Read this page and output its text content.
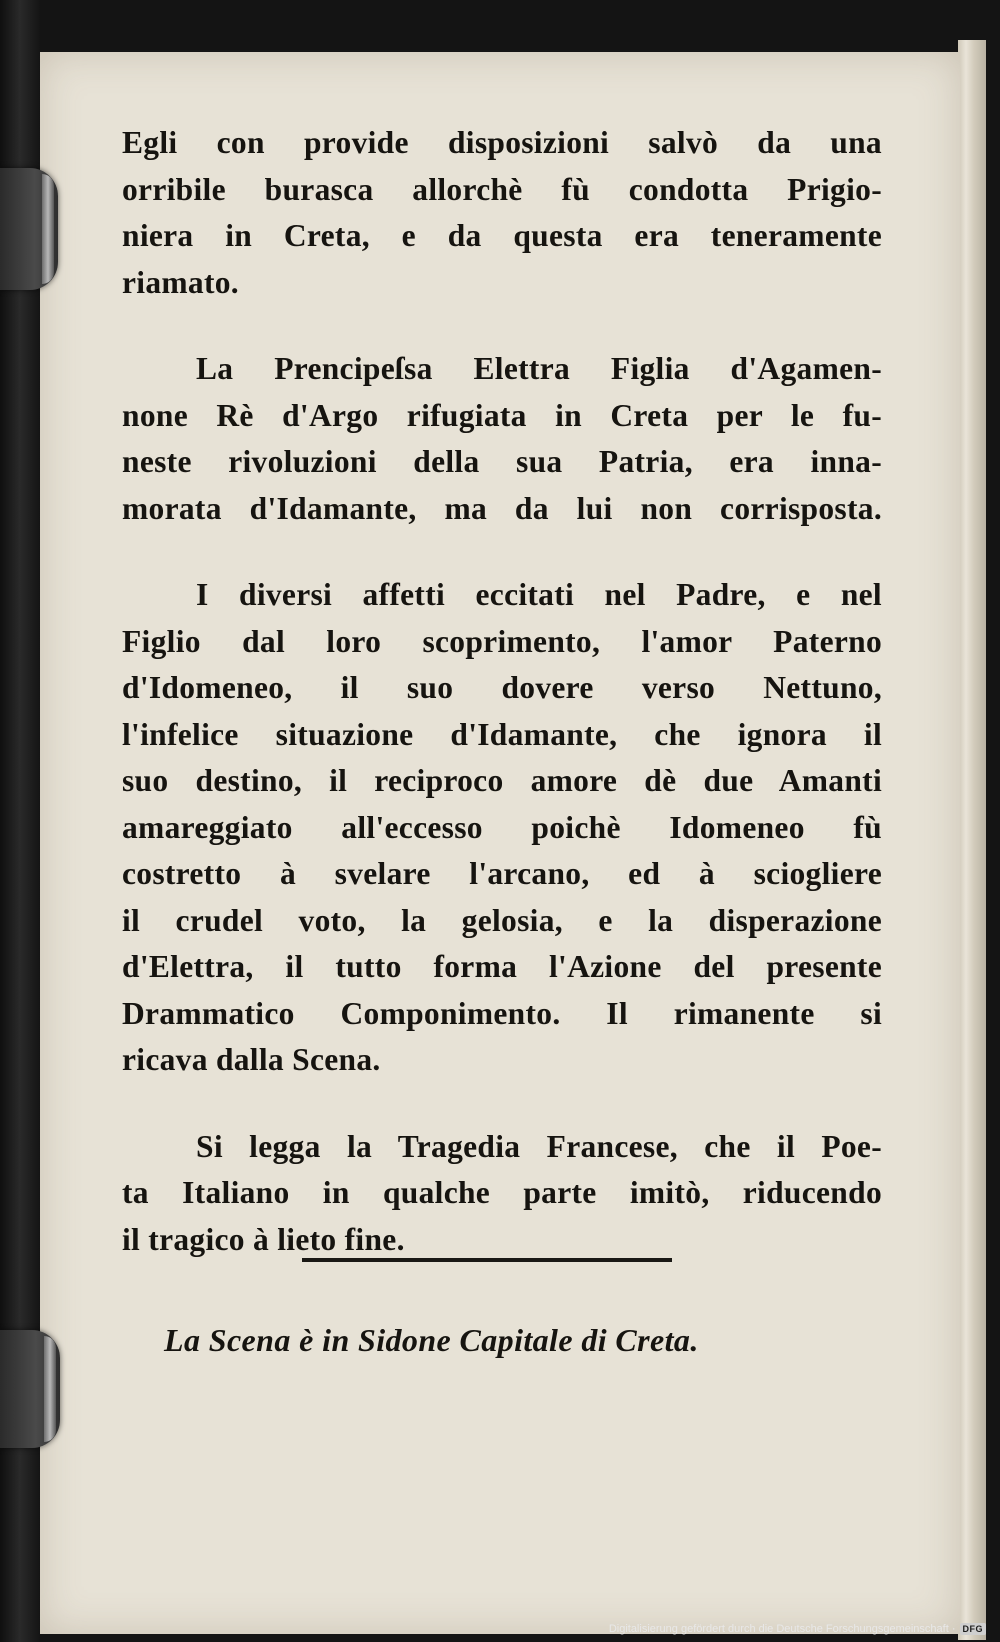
Egli con provide disposizioni salvò da una
orribile burasca allorchè fù condotta Prigio-
niera in Creta, e da questa era teneramente
riamato.

La Prencipeſsa Elettra Figlia d'Agamen-
none Rè d'Argo rifugiata in Creta per le fu-
neste rivoluzioni della sua Patria, era inna-
morata d'Idamante, ma da lui non corrisposta.

I diversi affetti eccitati nel Padre, e nel
Figlio dal loro scoprimento, l'amor Paterno
d'Idomeneo, il suo dovere verso Nettuno,
l'infelice situazione d'Idamante, che ignora il
suo destino, il reciproco amore dè due Amanti
amareggiato all'eccesso poichè Idomeneo fù
costretto à svelare l'arcano, ed à sciogliere
il crudel voto, la gelosia, e la disperazione
d'Elettra, il tutto forma l'Azione del presente
Drammatico Componimento. Il rimanente si
ricava dalla Scena.

Si legga la Tragedia Francese, che il Poe-
ta Italiano in qualche parte imitò, riducendo
il tragico à lieto fine.

La Scena è in Sidone Capitale di Creta.
Digitalisierung gefördert durch die Deutsche Forschungsgemeinschaft · DFG
